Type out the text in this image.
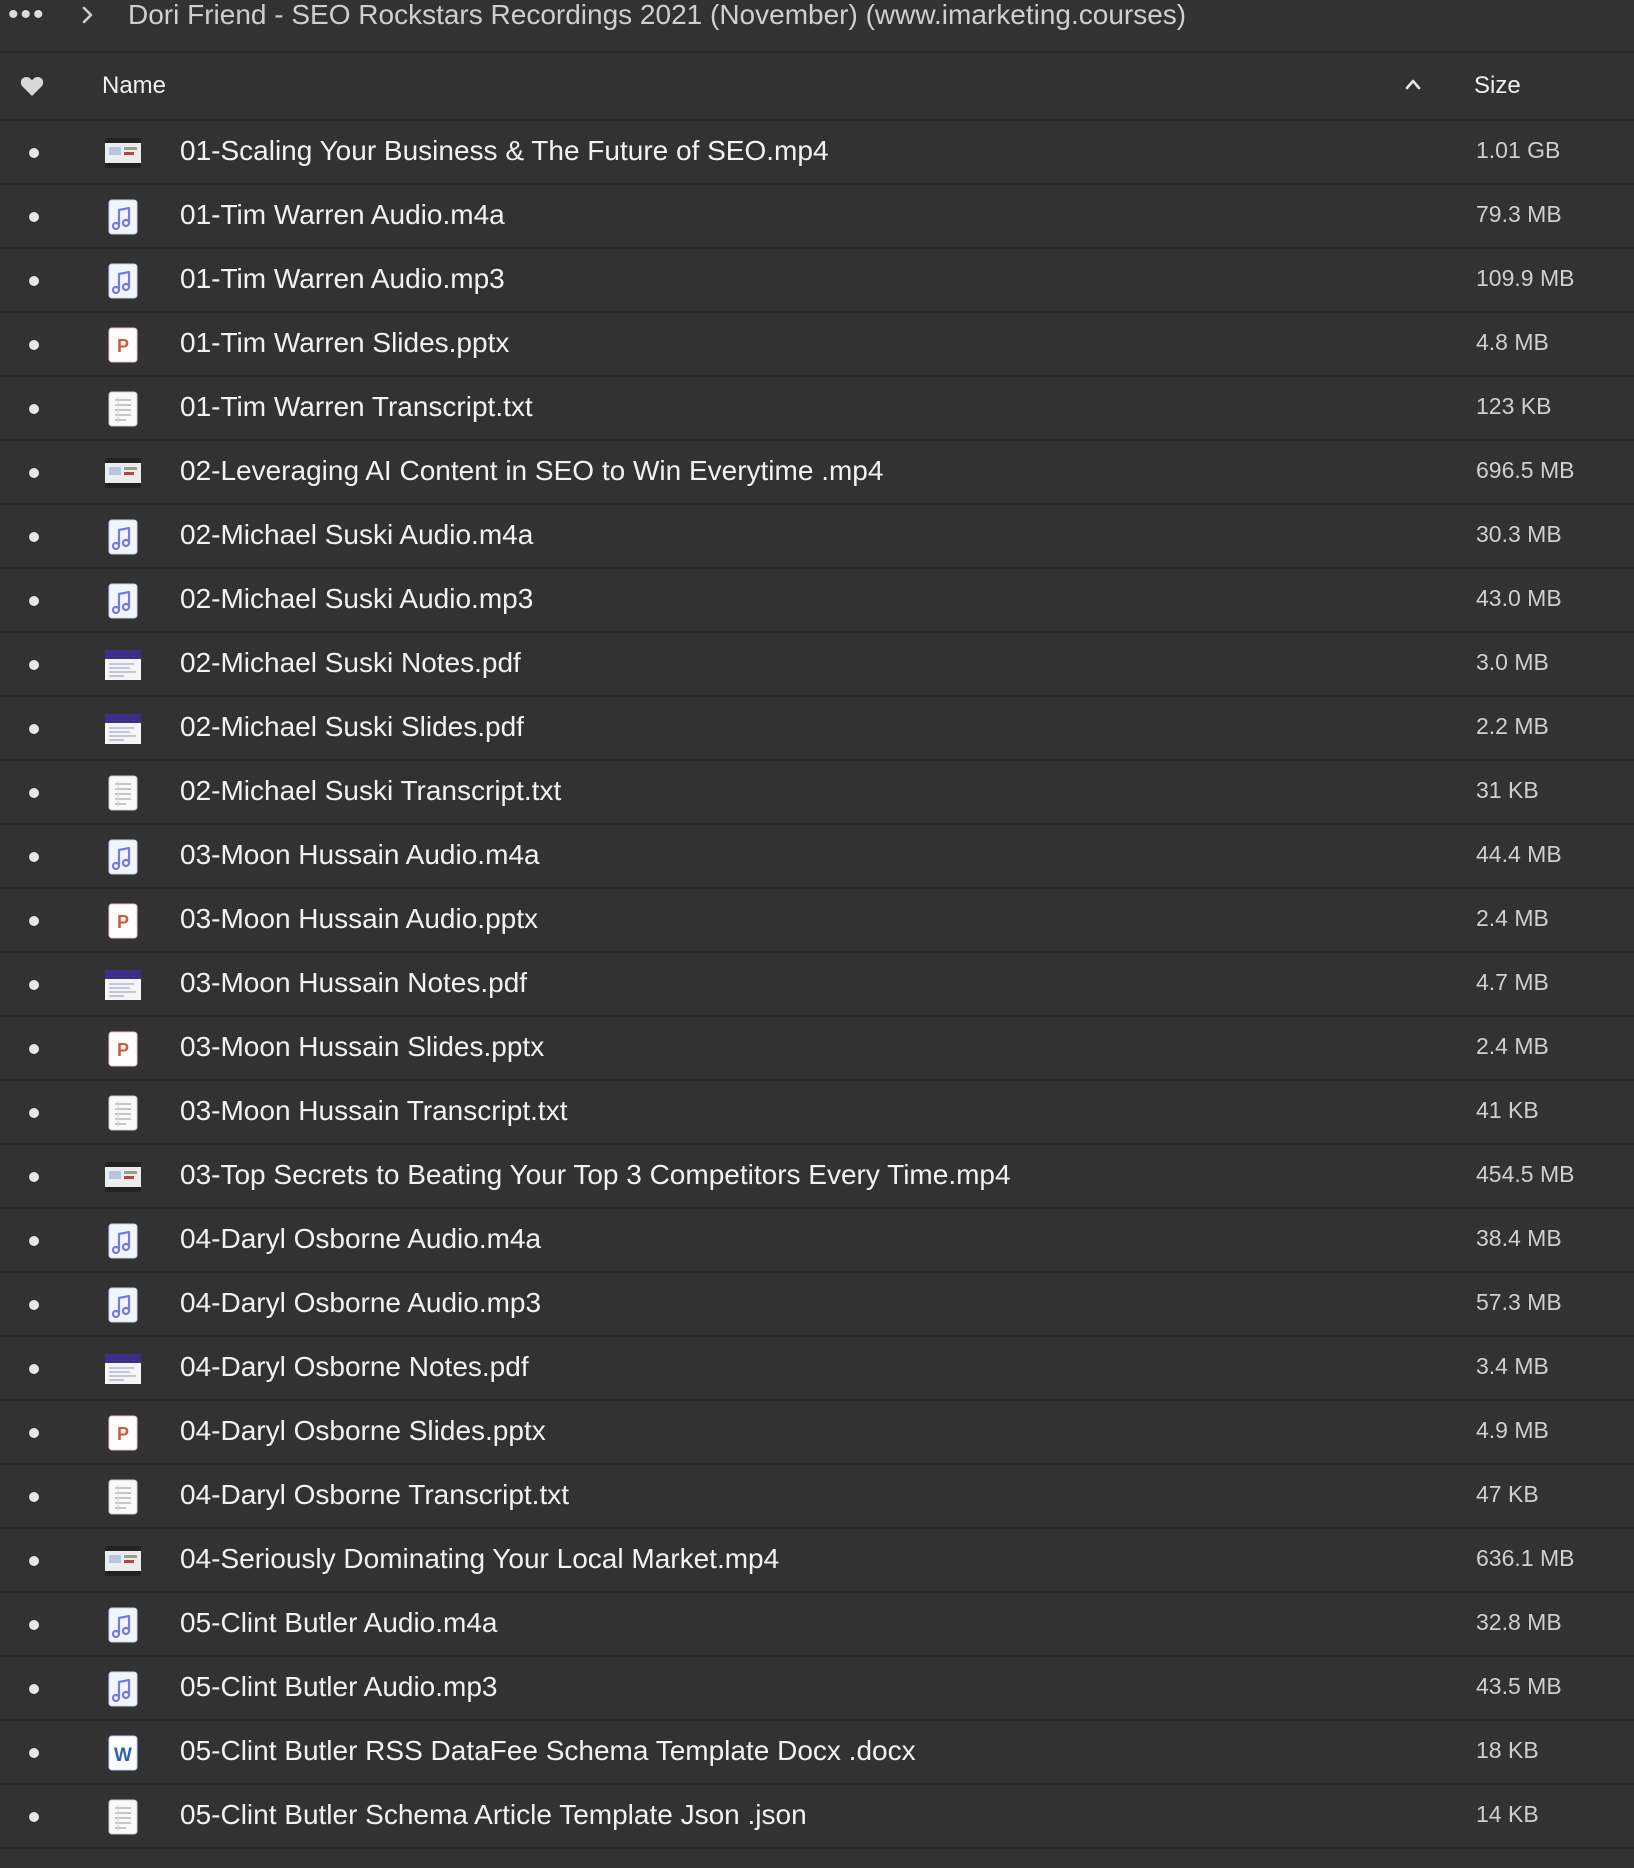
•••	Dori Friend - SEO Rockstars Recordings 2021 (November) (www.imarketing.courses)
Name	Size
01-Scaling Your Business & The Future of SEO.mp4	1.01 GB
01-Tim Warren Audio.m4a	79.3 MB
01-Tim Warren Audio.mp3	109.9 MB
P 01-Tim Warren Slides.pptx	4.8 MB
01-Tim Warren Transcript.txt	123 KB
02-Leveraging AI Content in SEO to Win Everytime .mp4	696.5 MB
02-Michael Suski Audio.m4a	30.3 MB
02-Michael Suski Audio.mp3	43.0 MB
02-Michael Suski Notes.pdf	3.0 MB
02-Michael Suski Slides.pdf	2.2 MB
02-Michael Suski Transcript.txt	31 KB
03-Moon Hussain Audio.m4a	44.4 MB
P 03-Moon Hussain Audio.pptx	2.4 MB
03-Moon Hussain Notes.pdf	4.7 MB
P 03-Moon Hussain Slides.pptx	2.4 MB
03-Moon Hussain Transcript.txt	41 KB
03-Top Secrets to Beating Your Top 3 Competitors Every Time.mp4	454.5 MB
04-Daryl Osborne Audio.m4a	38.4 MB
04-Daryl Osborne Audio.mp3	57.3 MB
04-Daryl Osborne Notes.pdf	3.4 MB
P 04-Daryl Osborne Slides.pptx	4.9 MB
04-Daryl Osborne Transcript.txt	47 KB
04-Seriously Dominating Your Local Market.mp4	636.1 MB
05-Clint Butler Audio.m4a	32.8 MB
05-Clint Butler Audio.mp3	43.5 MB
W 05-Clint Butler RSS DataFee Schema Template Docx .docx	18 KB
05-Clint Butler Schema Article Template Json .json	14 KB
